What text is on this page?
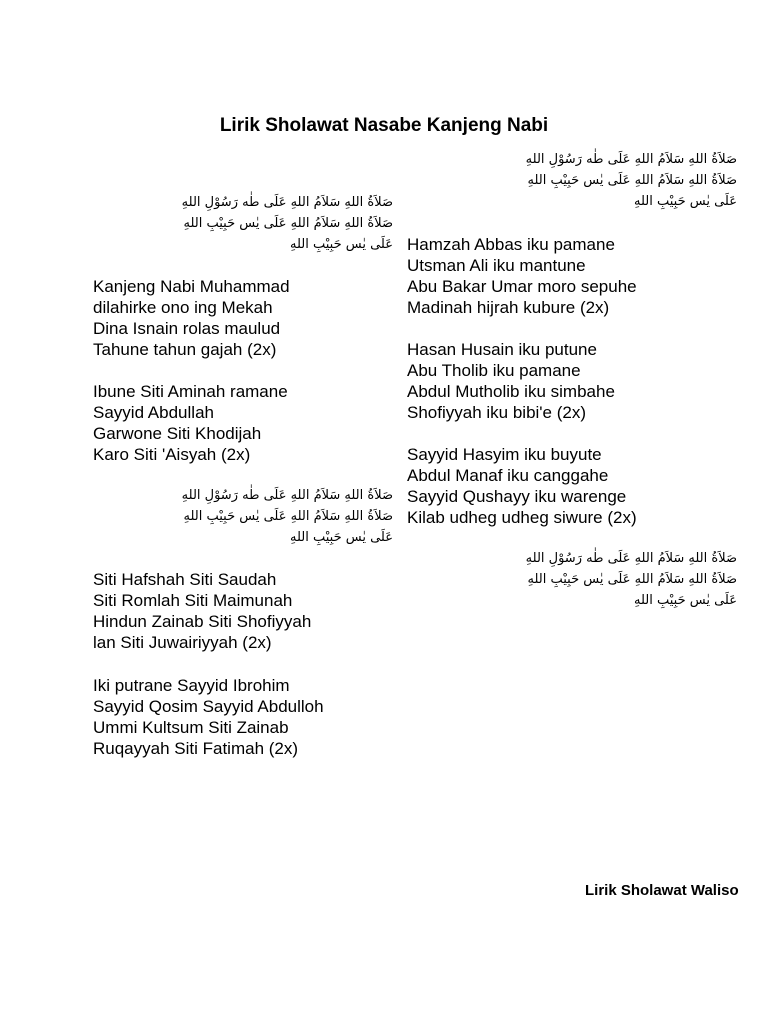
Lirik Sholawat Nasabe Kanjeng Nabi
صَلاَةُ اللهِ سَلاَمُ اللهِ عَلَى طٰه رَسُوْلِ اللهِ
صَلاَةُ اللهِ سَلاَمُ اللهِ عَلَى يٰس حَبِيْبِ اللهِ
عَلَى يٰس حَبِيْبِ اللهِ
Kanjeng Nabi Muhammad
dilahirke ono ing Mekah
Dina Isnain rolas maulud
Tahune tahun gajah (2x)
Ibune Siti Aminah ramane
Sayyid Abdullah
Garwone Siti Khodijah
Karo Siti 'Aisyah (2x)
صَلاَةُ اللهِ سَلاَمُ اللهِ عَلَى طٰه رَسُوْلِ اللهِ
صَلاَةُ اللهِ سَلاَمُ اللهِ عَلَى يٰس حَبِيْبِ اللهِ
عَلَى يٰس حَبِيْبِ اللهِ
Siti Hafshah Siti Saudah
Siti Romlah Siti Maimunah
Hindun Zainab Siti Shofiyyah
lan Siti Juwairiyyah (2x)
Iki putrane Sayyid Ibrohim
Sayyid Qosim Sayyid Abdulloh
Ummi Kultsum Siti Zainab
Ruqayyah Siti Fatimah (2x)
صَلاَةُ اللهِ سَلاَمُ اللهِ عَلَى طٰه رَسُوْلِ اللهِ
صَلاَةُ اللهِ سَلاَمُ اللهِ عَلَى يٰس حَبِيْبِ اللهِ
عَلَى يٰس حَبِيْبِ اللهِ
Hamzah Abbas iku pamane
Utsman Ali iku mantune
Abu Bakar Umar moro sepuhe
Madinah hijrah kubure (2x)
Hasan Husain iku putune
Abu Tholib iku pamane
Abdul Mutholib iku simbahe
Shofiyyah iku bibi'e (2x)
Sayyid Hasyim iku buyute
Abdul Manaf iku canggahe
Sayyid Qushayy iku warenge
Kilab udheg udheg siwure (2x)
صَلاَةُ اللهِ سَلاَمُ اللهِ عَلَى طٰه رَسُوْلِ اللهِ
صَلاَةُ اللهِ سَلاَمُ اللهِ عَلَى يٰس حَبِيْبِ اللهِ
عَلَى يٰس حَبِيْبِ اللهِ
Lirik Sholawat Waliso
